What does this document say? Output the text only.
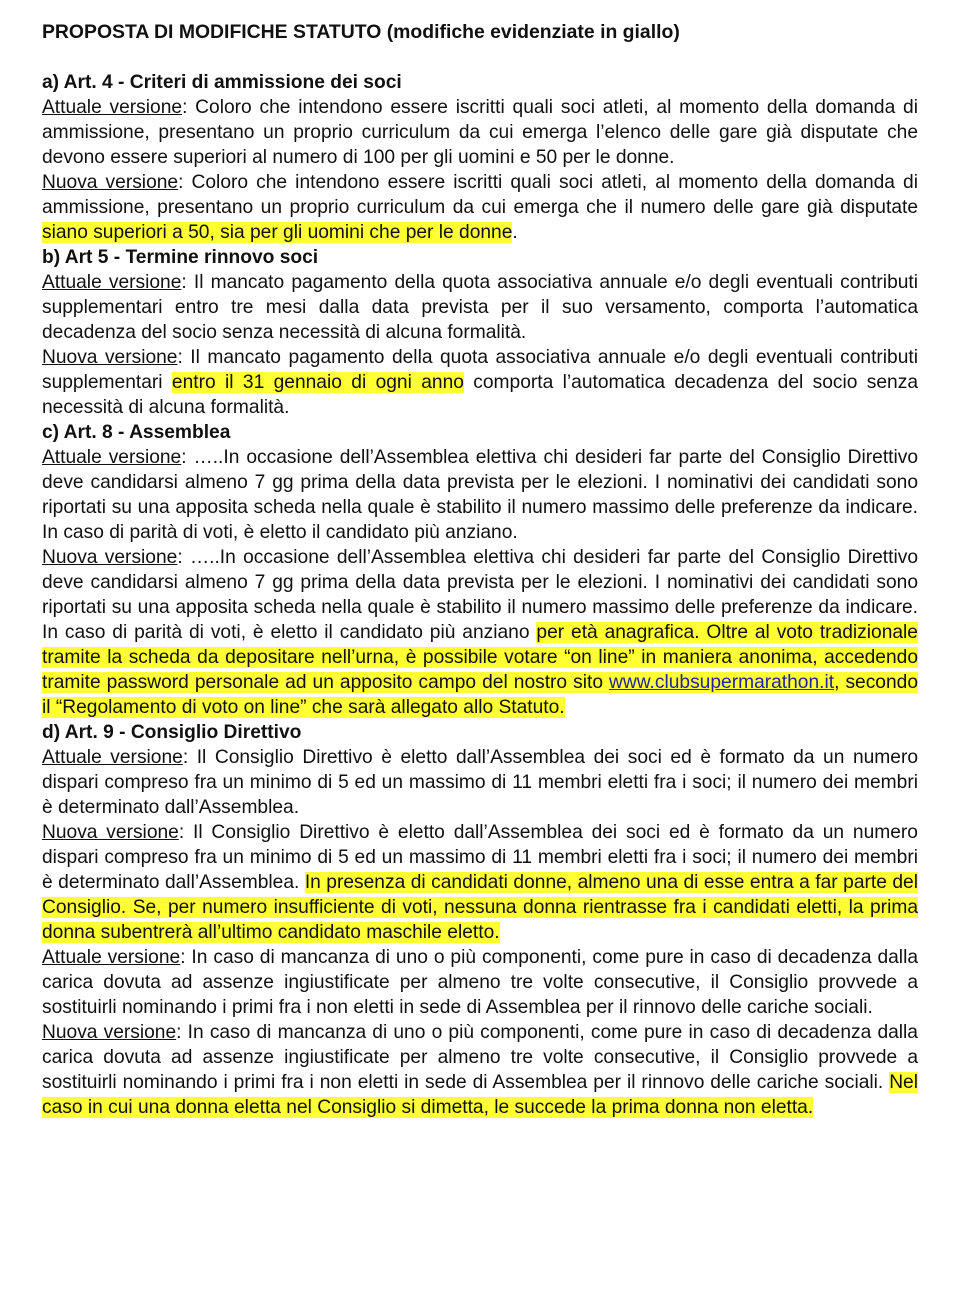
PROPOSTA DI MODIFICHE STATUTO (modifiche evidenziate in giallo)
a) Art. 4 - Criteri di ammissione dei soci

Attuale versione: Coloro che intendono essere iscritti quali soci atleti, al momento della domanda di ammissione, presentano un proprio curriculum da cui emerga l’elenco delle gare già disputate che devono essere superiori al numero di 100 per gli uomini e 50 per le donne.

Nuova versione: Coloro che intendono essere iscritti quali soci atleti, al momento della domanda di ammissione, presentano un proprio curriculum da cui emerga che il numero delle gare già disputate siano superiori a 50, sia per gli uomini che per le donne.

b) Art 5 - Termine rinnovo soci

Attuale versione: Il mancato pagamento della quota associativa annuale e/o degli eventuali contributi supplementari entro tre mesi dalla data prevista per il suo versamento, comporta l’automatica decadenza del socio senza necessità di alcuna formalità.

Nuova versione: Il mancato pagamento della quota associativa annuale e/o degli eventuali contributi supplementari entro il 31 gennaio di ogni anno comporta l’automatica decadenza del socio senza necessità di alcuna formalità.

c) Art. 8 - Assemblea

Attuale versione: …..In occasione dell’Assemblea elettiva chi desideri far parte del Consiglio Direttivo deve candidarsi almeno 7 gg prima della data prevista per le elezioni. I nominativi dei candidati sono riportati su una apposita scheda nella quale è stabilito il numero massimo delle preferenze da indicare. In caso di parità di voti, è eletto il candidato più anziano.

Nuova versione: …..In occasione dell’Assemblea elettiva chi desideri far parte del Consiglio Direttivo deve candidarsi almeno 7 gg prima della data prevista per le elezioni. I nominativi dei candidati sono riportati su una apposita scheda nella quale è stabilito il numero massimo delle preferenze da indicare. In caso di parità di voti, è eletto il candidato più anziano per età anagrafica. Oltre al voto tradizionale tramite la scheda da depositare nell’urna, è possibile votare “on line” in maniera anonima, accedendo tramite password personale ad un apposito campo del nostro sito www.clubsupermarathon.it, secondo il “Regolamento di voto on line” che sarà allegato allo Statuto.

d) Art. 9 - Consiglio Direttivo

Attuale versione: Il Consiglio Direttivo è eletto dall’Assemblea dei soci ed è formato da un numero dispari compreso fra un minimo di 5 ed un massimo di 11 membri eletti fra i soci; il numero dei membri è determinato dall’Assemblea.

Nuova versione: Il Consiglio Direttivo è eletto dall’Assemblea dei soci ed è formato da un numero dispari compreso fra un minimo di 5 ed un massimo di 11 membri eletti fra i soci; il numero dei membri è determinato dall’Assemblea. In presenza di candidati donne, almeno una di esse entra a far parte del Consiglio. Se, per numero insufficiente di voti, nessuna donna rientrasse fra i candidati eletti, la prima donna subentrerà all’ultimo candidato maschile eletto.

Attuale versione: In caso di mancanza di uno o più componenti, come pure in caso di decadenza dalla carica dovuta ad assenze ingiustificate per almeno tre volte consecutive, il Consiglio provvede a sostituirli nominando i primi fra i non eletti in sede di Assemblea per il rinnovo delle cariche sociali.

Nuova versione: In caso di mancanza di uno o più componenti, come pure in caso di decadenza dalla carica dovuta ad assenze ingiustificate per almeno tre volte consecutive, il Consiglio provvede a sostituirli nominando i primi fra i non eletti in sede di Assemblea per il rinnovo delle cariche sociali. Nel caso in cui una donna eletta nel Consiglio si dimetta, le succede la prima donna non eletta.
